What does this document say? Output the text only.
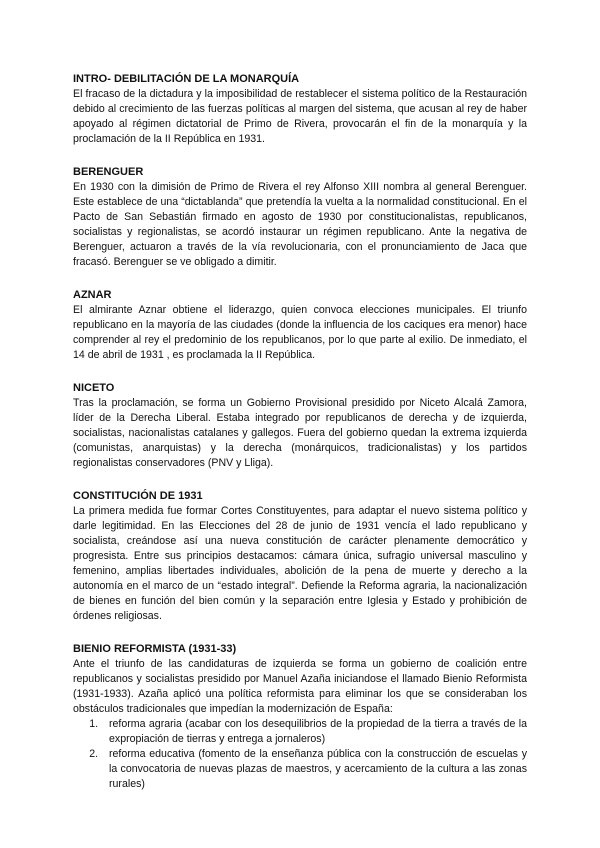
INTRO- DEBILITACIÓN DE LA MONARQUÍA

El fracaso de la dictadura y la imposibilidad de restablecer el sistema político de la Restauración debido al crecimiento de las fuerzas políticas al margen del sistema, que acusan al rey de haber apoyado al régimen dictatorial de Primo de Rivera, provocarán el fin de la monarquía y la proclamación de la II República en 1931.

BERENGUER

En 1930 con la dimisión de Primo de Rivera el rey Alfonso XIII nombra al general Berenguer. Este establece de una “dictablanda” que pretendía la vuelta a la normalidad constitucional. En el Pacto de San Sebastián firmado en agosto de 1930 por constitucionalistas, republicanos, socialistas y regionalistas, se acordó instaurar un régimen republicano. Ante la negativa de Berenguer, actuaron a través de la vía revolucionaria, con el pronunciamiento de Jaca que fracasó. Berenguer se ve obligado a dimitir.

AZNAR

El almirante Aznar obtiene el liderazgo, quien convoca elecciones municipales. El triunfo republicano en la mayoría de las ciudades (donde la influencia de los caciques era menor) hace comprender al rey el predominio de los republicanos, por lo que parte al exilio. De inmediato, el 14 de abril de 1931 , es proclamada la II República.

NICETO

Tras la proclamación, se forma un Gobierno Provisional presidido por Niceto Alcalá Zamora, líder de la Derecha Liberal. Estaba integrado por republicanos de derecha y de izquierda, socialistas, nacionalistas catalanes y gallegos. Fuera del gobierno quedan la extrema izquierda (comunistas, anarquistas) y la derecha (monárquicos, tradicionalistas) y los partidos regionalistas conservadores (PNV y Lliga).

CONSTITUCIÓN DE 1931

La primera medida fue formar Cortes Constituyentes, para adaptar el nuevo sistema político y darle legitimidad. En las Elecciones del 28 de junio de 1931 vencía el lado republicano y socialista, creándose así una nueva constitución de carácter plenamente democrático y progresista. Entre sus principios destacamos: cámara única, sufragio universal masculino y femenino, amplias libertades individuales, abolición de la pena de muerte y derecho a la autonomía en el marco de un “estado integral”. Defiende la Reforma agraria, la nacionalización de bienes en función del bien común y la separación entre Iglesia y Estado y prohibición de órdenes religiosas.

BIENIO REFORMISTA (1931-33)

Ante el triunfo de las candidaturas de izquierda se forma un gobierno de coalición entre republicanos y socialistas presidido por Manuel Azaña iniciandose el llamado Bienio Reformista (1931-1933). Azaña aplicó una política reformista para eliminar los que se consideraban los obstáculos tradicionales que impedían la modernización de España:

1. reforma agraria (acabar con los desequilibrios de la propiedad de la tierra a través de la expropiación de tierras y entrega a jornaleros)
2. reforma educativa (fomento de la enseñanza pública con la construcción de escuelas y la convocatoria de nuevas plazas de maestros, y acercamiento de la cultura a las zonas rurales)
